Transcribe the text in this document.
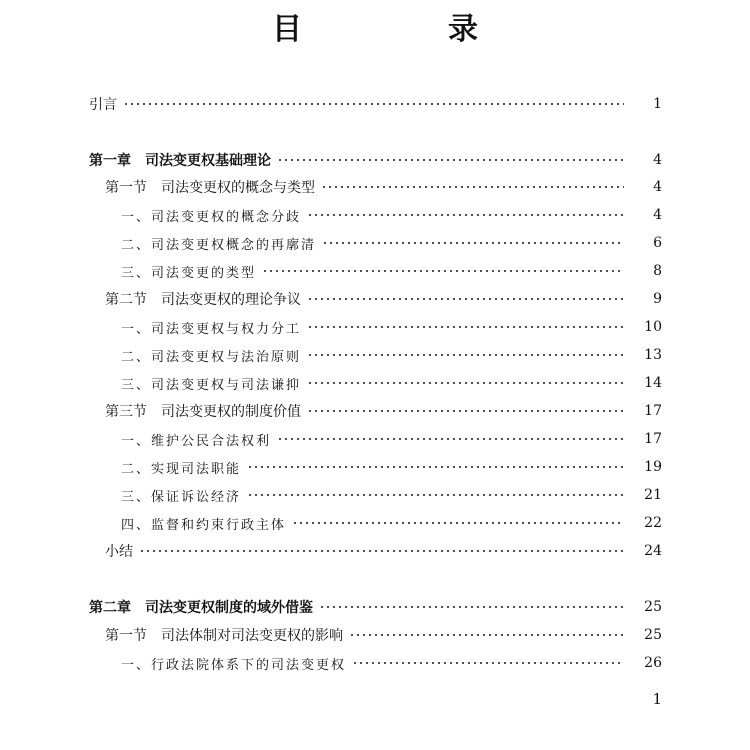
目　录
引言	1
第一章　司法变更权基础理论	4
第一节　司法变更权的概念与类型	4
一、司法变更权的概念分歧	4
二、司法变更权概念的再廓清	6
三、司法变更的类型	8
第二节　司法变更权的理论争议	9
一、司法变更权与权力分工	10
二、司法变更权与法治原则	13
三、司法变更权与司法谦抑	14
第三节　司法变更权的制度价值	17
一、维护公民合法权利	17
二、实现司法职能	19
三、保证诉讼经济	21
四、监督和约束行政主体	22
小结	24
第二章　司法变更权制度的域外借鉴	25
第一节　司法体制对司法变更权的影响	25
一、行政法院体系下的司法变更权	26
1
